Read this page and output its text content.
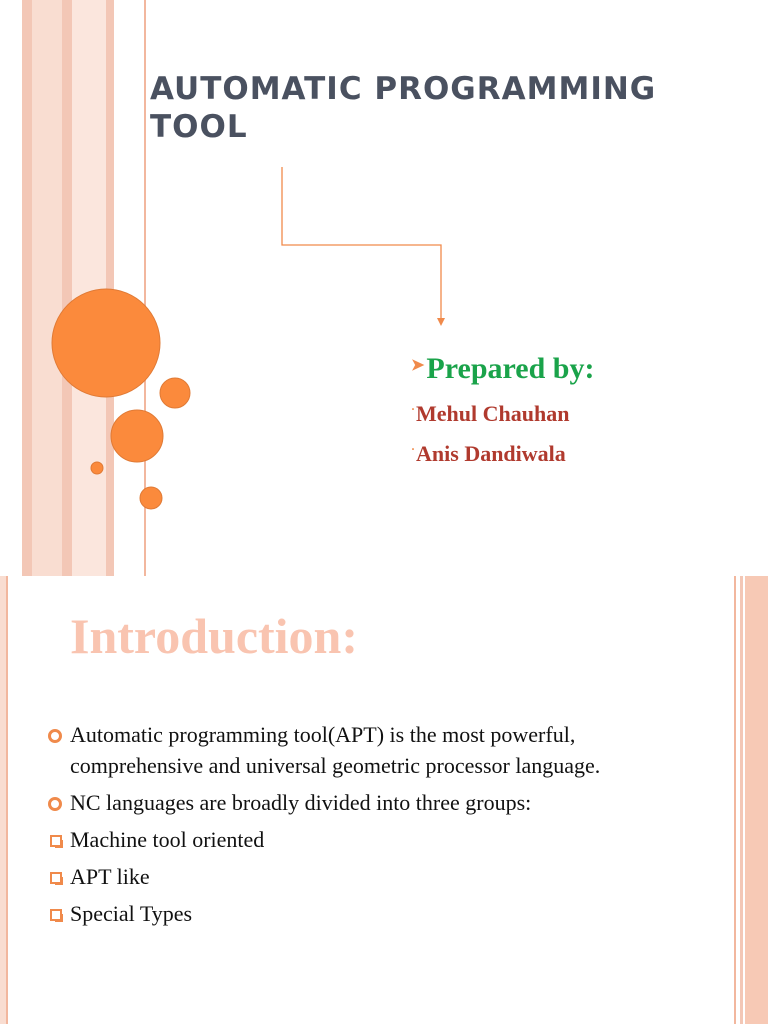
AUTOMATIC PROGRAMMING
TOOL
➤Prepared by:
·Mehul Chauhan
·Anis Dandiwala
Introduction:
Automatic programming tool(APT) is the most powerful, comprehensive and universal geometric processor language.
NC languages are broadly divided into three groups:
Machine tool oriented
APT like
Special Types
